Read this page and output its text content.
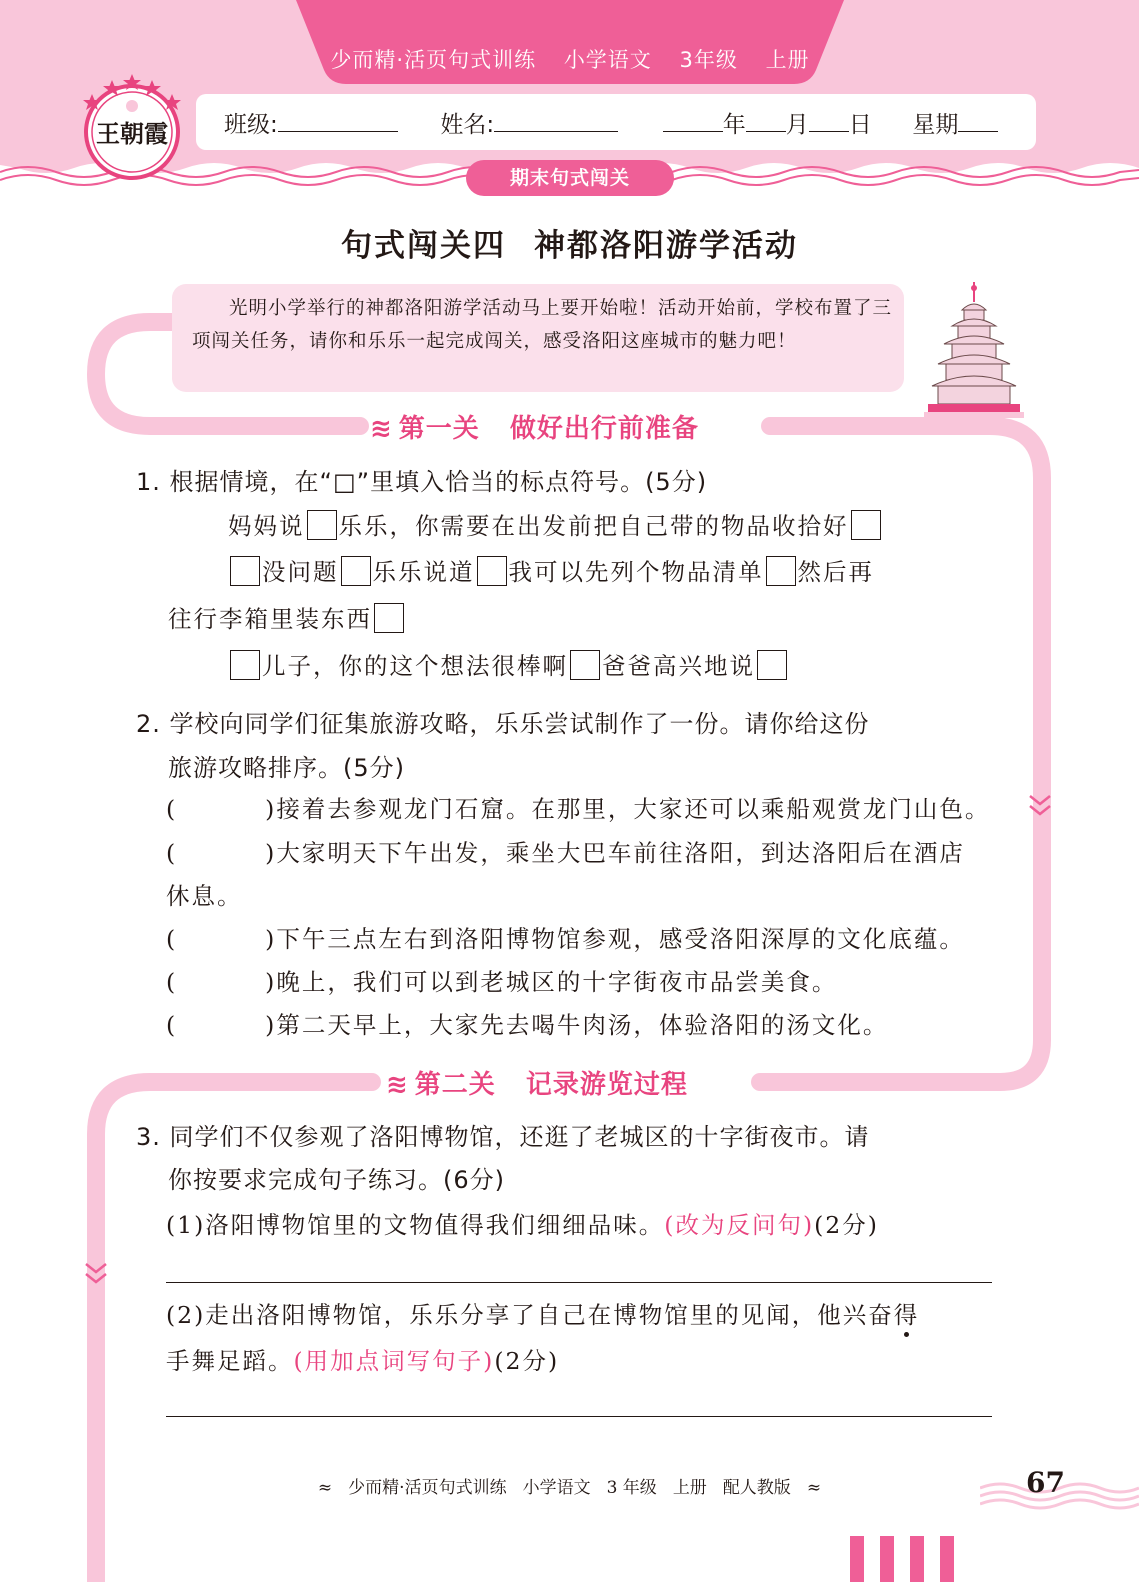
少而精·活页句式训练 小学语文 3年级 上册
王朝霞 班级:	姓名:	年 月 日 星期
期末句式闯关
句式闯关四 神都洛阳游学活动
光明小学举行的神都洛阳游学活动马上要开始啦！活动开始前，学校布置了三项闯关任务，请你和乐乐一起完成闯关，感受洛阳这座城市的魅力吧！
≋ 第一关 做好出行前准备
1. 根据情境，在“□”里填入恰当的标点符号。(5分)
妈妈说 乐乐，你需要在出发前把自己带的物品收拾好
没问题 乐乐说道 我可以先列个物品清单 然后再
往行李箱里装东西
儿子，你的这个想法很棒啊 爸爸高兴地说
2. 学校向同学们征集旅游攻略，乐乐尝试制作了一份。请你给这份
旅游攻略排序。(5分)
(	)接着去参观龙门石窟。在那里，大家还可以乘船观赏龙门山色。
(	)大家明天下午出发，乘坐大巴车前往洛阳，到达洛阳后在酒店
休息。
(	)下午三点左右到洛阳博物馆参观，感受洛阳深厚的文化底蕴。
(	)晚上，我们可以到老城区的十字街夜市品尝美食。
(	)第二天早上，大家先去喝牛肉汤，体验洛阳的汤文化。
≋ 第二关 记录游览过程
3. 同学们不仅参观了洛阳博物馆，还逛了老城区的十字街夜市。请
你按要求完成句子练习。(6分)
(1)洛阳博物馆里的文物值得我们细细品味。(改为反问句)(2分)
(2)走出洛阳博物馆，乐乐分享了自己在博物馆里的见闻，他兴奋得
手舞足蹈。(用加点词写句子)(2分)
≈ 少而精·活页句式训练 小学语文 3 年级 上册 配人教版 ≈	67
